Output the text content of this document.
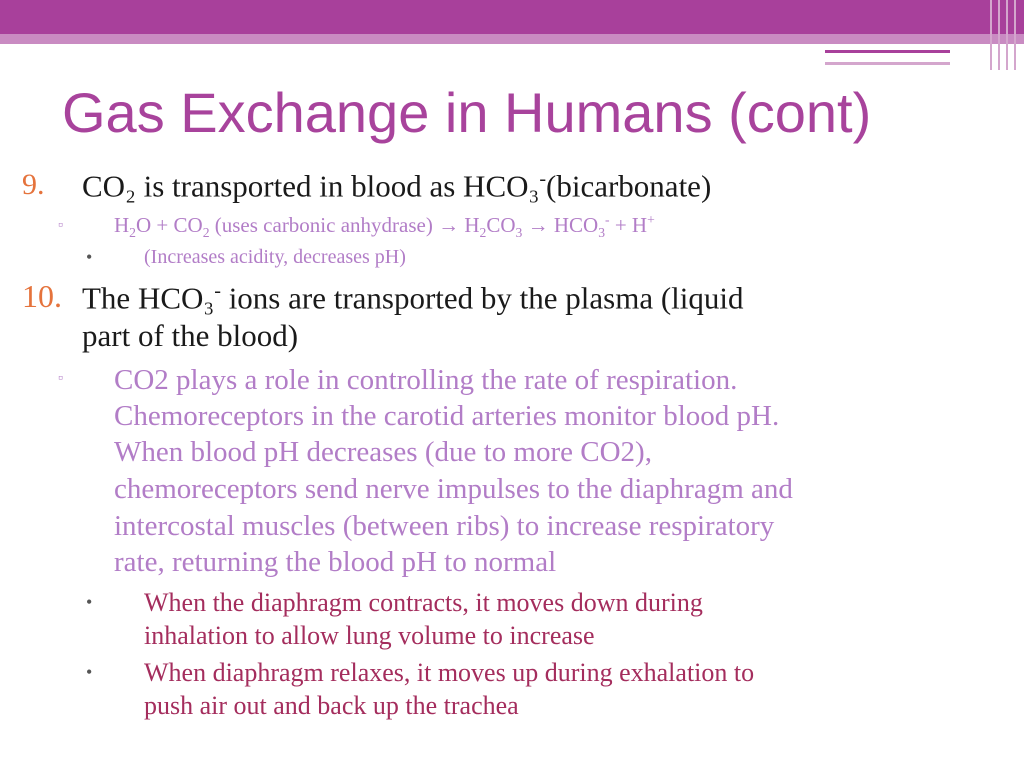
Gas Exchange in Humans (cont)
9. CO₂ is transported in blood as HCO₃-(bicarbonate)
▫ $H_2O + CO_2$ (uses carbonic anhydrase) → $H_2CO_3 \to HCO_3^- + H^+$
•	(Increases acidity, decreases pH)
10. The HCO₃- ions are transported by the plasma (liquid
part of the blood)
▫ CO2 plays a role in controlling the rate of respiration.
Chemoreceptors in the carotid arteries monitor blood pH.
When blood pH decreases (due to more CO2),
chemoreceptors send nerve impulses to the diaphragm and
intercostal muscles (between ribs) to increase respiratory
rate, returning the blood pH to normal
• When the diaphragm contracts, it moves down during
inhalation to allow lung volume to increase
• When diaphragm relaxes, it moves up during exhalation to
push air out and back up the trachea
